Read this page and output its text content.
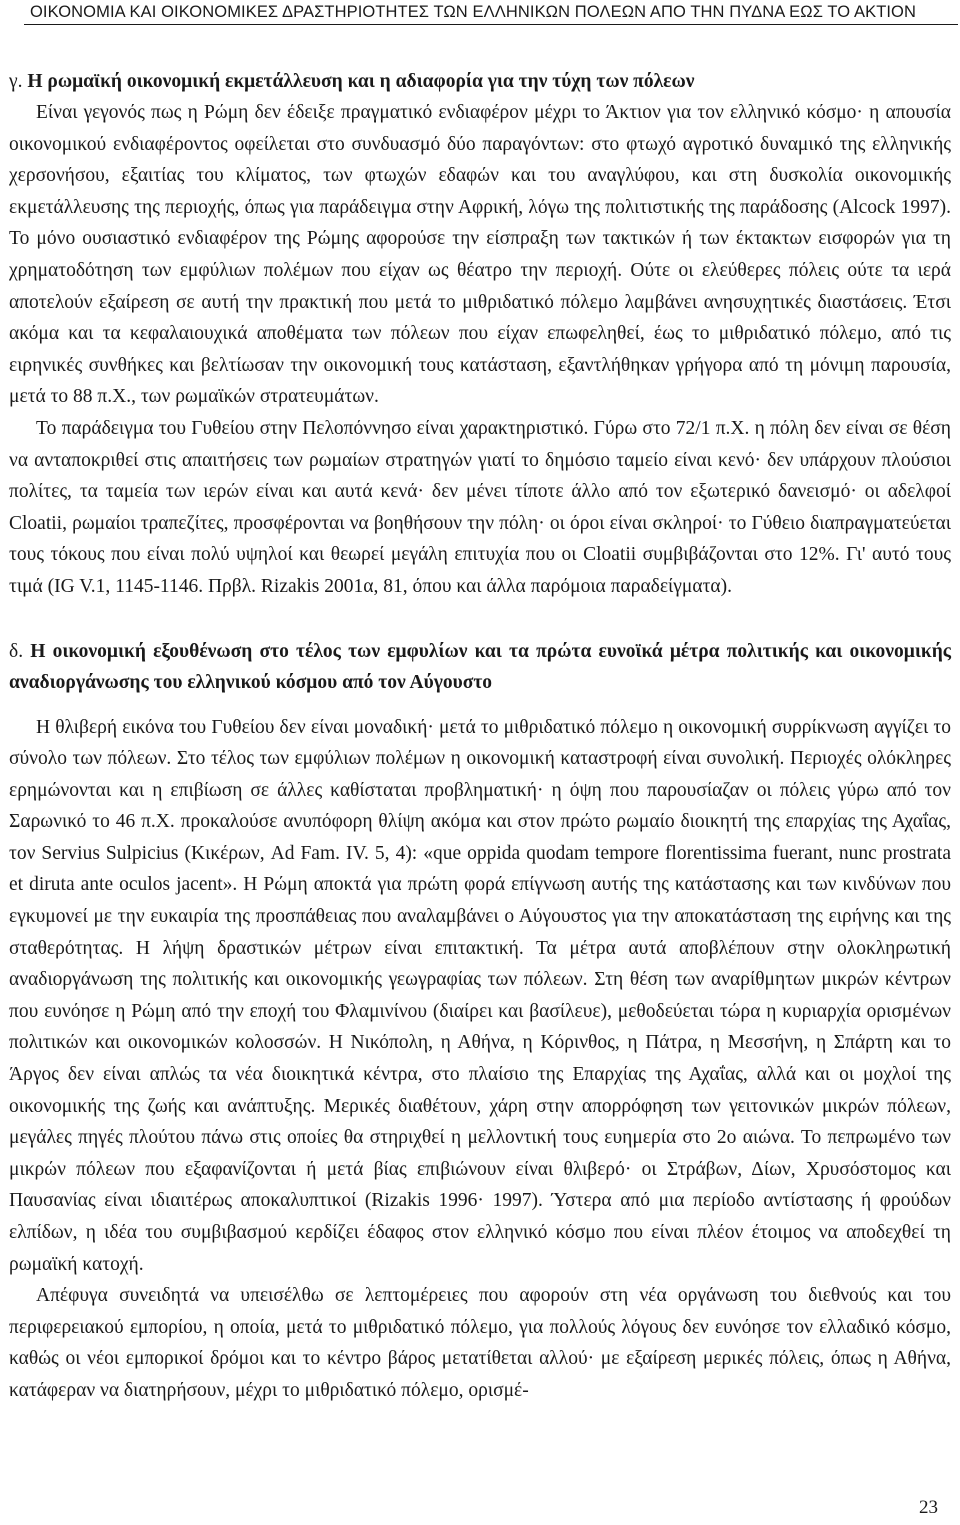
ΟΙΚΟΝΟΜΙΑ ΚΑΙ ΟΙΚΟΝΟΜΙΚΕΣ ΔΡΑΣΤΗΡΙΟΤΗΤΕΣ ΤΩΝ ΕΛΛΗΝΙΚΩΝ ΠΟΛΕΩΝ ΑΠΟ ΤΗΝ ΠΥΔΝΑ ΕΩΣ ΤΟ ΑΚΤΙΟΝ
γ. Η ρωμαϊκή οικονομική εκμετάλλευση και η αδιαφορία για την τύχη των πόλεων

Είναι γεγονός πως η Ρώμη δεν έδειξε πραγματικό ενδιαφέρον μέχρι το Άκτιον για τον ελληνικό κόσμο· η απουσία οικονομικού ενδιαφέροντος οφείλεται στο συνδυασμό δύο παραγόντων: στο φτωχό αγροτικό δυναμικό της ελληνικής χερσονήσου, εξαιτίας του κλίματος, των φτωχών εδαφών και του αναγλύφου, και στη δυσκολία οικονομικής εκμετάλλευσης της περιοχής, όπως για παράδειγμα στην Αφρική, λόγω της πολιτιστικής της παράδοσης (Alcock 1997). Το μόνο ουσιαστικό ενδιαφέρον της Ρώμης αφορούσε την είσπραξη των τακτικών ή των έκτακτων εισφορών για τη χρηματοδότηση των εμφύλιων πολέμων που είχαν ως θέατρο την περιοχή. Ούτε οι ελεύθερες πόλεις ούτε τα ιερά αποτελούν εξαίρεση σε αυτή την πρακτική που μετά το μιθριδατικό πόλεμο λαμβάνει ανησυχητικές διαστάσεις. Έτσι ακόμα και τα κεφαλαιουχικά αποθέματα των πόλεων που είχαν επωφεληθεί, έως το μιθριδατικό πόλεμο, από τις ειρηνικές συνθήκες και βελτίωσαν την οικονομική τους κατάσταση, εξαντλήθηκαν γρήγορα από τη μόνιμη παρουσία, μετά το 88 π.Χ., των ρωμαϊκών στρατευμάτων.

Το παράδειγμα του Γυθείου στην Πελοπόννησο είναι χαρακτηριστικό. Γύρω στο 72/1 π.Χ. η πόλη δεν είναι σε θέση να ανταποκριθεί στις απαιτήσεις των ρωμαίων στρατηγών γιατί το δημόσιο ταμείο είναι κενό· δεν υπάρχουν πλούσιοι πολίτες, τα ταμεία των ιερών είναι και αυτά κενά· δεν μένει τίποτε άλλο από τον εξωτερικό δανεισμό· οι αδελφοί Cloatii, ρωμαίοι τραπεζίτες, προσφέρονται να βοηθήσουν την πόλη· οι όροι είναι σκληροί· το Γύθειο διαπραγματεύεται τους τόκους που είναι πολύ υψηλοί και θεωρεί μεγάλη επιτυχία που οι Cloatii συμβιβάζονται στο 12%. Γι' αυτό τους τιμά (IG V.1, 1145-1146. Πρβλ. Rizakis 2001α, 81, όπου και άλλα παρόμοια παραδείγματα).

δ. Η οικονομική εξουθένωση στο τέλος των εμφυλίων και τα πρώτα ευνοϊκά μέτρα πολιτικής και οικονομικής αναδιοργάνωσης του ελληνικού κόσμου από τον Αύγουστο

Η θλιβερή εικόνα του Γυθείου δεν είναι μοναδική· μετά το μιθριδατικό πόλεμο η οικονομική συρρίκνωση αγγίζει το σύνολο των πόλεων. Στο τέλος των εμφύλιων πολέμων η οικονομική καταστροφή είναι συνολική. Περιοχές ολόκληρες ερημώνονται και η επιβίωση σε άλλες καθίσταται προβληματική· η όψη που παρουσίαζαν οι πόλεις γύρω από τον Σαρωνικό το 46 π.Χ. προκαλούσε ανυπόφορη θλίψη ακόμα και στον πρώτο ρωμαίο διοικητή της επαρχίας της Αχαΐας, τον Servius Sulpicius (Κικέρων, Ad Fam. IV. 5, 4): «que oppida quodam tempore florentissima fuerant, nunc prostrata et diruta ante oculos jacent». Η Ρώμη αποκτά για πρώτη φορά επίγνωση αυτής της κατάστασης και των κινδύνων που εγκυμονεί με την ευκαιρία της προσπάθειας που αναλαμβάνει ο Αύγουστος για την αποκατάσταση της ειρήνης και της σταθερότητας. Η λήψη δραστικών μέτρων είναι επιτακτική. Τα μέτρα αυτά αποβλέπουν στην ολοκληρωτική αναδιοργάνωση της πολιτικής και οικονομικής γεωγραφίας των πόλεων. Στη θέση των αναρίθμητων μικρών κέντρων που ευνόησε η Ρώμη από την εποχή του Φλαμινίνου (διαίρει και βασίλευε), μεθοδεύεται τώρα η κυριαρχία ορισμένων πολιτικών και οικονομικών κολοσσών. Η Νικόπολη, η Αθήνα, η Κόρινθος, η Πάτρα, η Μεσσήνη, η Σπάρτη και το Άργος δεν είναι απλώς τα νέα διοικητικά κέντρα, στο πλαίσιο της Επαρχίας της Αχαΐας, αλλά και οι μοχλοί της οικονομικής της ζωής και ανάπτυξης. Μερικές διαθέτουν, χάρη στην απορρόφηση των γειτονικών μικρών πόλεων, μεγάλες πηγές πλούτου πάνω στις οποίες θα στηριχθεί η μελλοντική τους ευημερία στο 2ο αιώνα. Το πεπρωμένο των μικρών πόλεων που εξαφανίζονται ή μετά βίας επιβιώνουν είναι θλιβερό· οι Στράβων, Δίων, Χρυσόστομος και Παυσανίας είναι ιδιαιτέρως αποκαλυπτικοί (Rizakis 1996· 1997). Ύστερα από μια περίοδο αντίστασης ή φρούδων ελπίδων, η ιδέα του συμβιβασμού κερδίζει έδαφος στον ελληνικό κόσμο που είναι πλέον έτοιμος να αποδεχθεί τη ρωμαϊκή κατοχή.

Απέφυγα συνειδητά να υπεισέλθω σε λεπτομέρειες που αφορούν στη νέα οργάνωση του διεθνούς και του περιφερειακού εμπορίου, η οποία, μετά το μιθριδατικό πόλεμο, για πολλούς λόγους δεν ευνόησε τον ελλαδικό κόσμο, καθώς οι νέοι εμπορικοί δρόμοι και το κέντρο βάρος μετατίθεται αλλού· με εξαίρεση μερικές πόλεις, όπως η Αθήνα, κατάφεραν να διατηρήσουν, μέχρι το μιθριδατικό πόλεμο, ορισμέ-

23
